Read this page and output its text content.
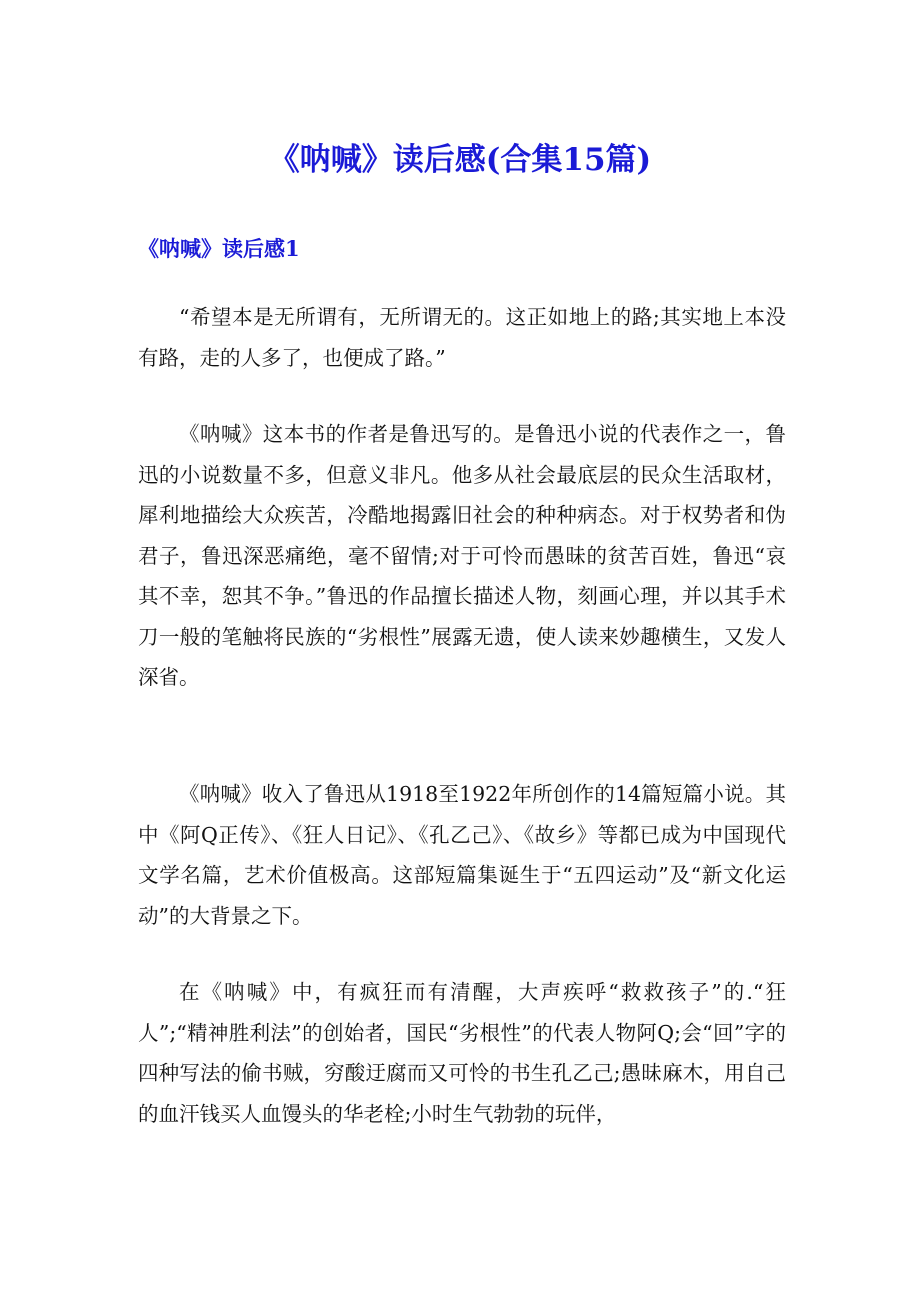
《呐喊》读后感(合集15篇)
《呐喊》读后感1

“希望本是无所谓有，无所谓无的。这正如地上的路;其实地上本没有路，走的人多了，也便成了路。”

《呐喊》这本书的作者是鲁迅写的。是鲁迅小说的代表作之一，鲁迅的小说数量不多，但意义非凡。他多从社会最底层的民众生活取材，犀利地描绘大众疾苦，冷酷地揭露旧社会的种种病态。对于权势者和伪君子，鲁迅深恶痛绝，毫不留情;对于可怜而愚昧的贫苦百姓，鲁迅“哀其不幸，恕其不争。”鲁迅的作品擅长描述人物，刻画心理，并以其手术刀一般的笔触将民族的“劣根性”展露无遗，使人读来妙趣横生，又发人深省。

《呐喊》收入了鲁迅从1918至1922年所创作的14篇短篇小说。其中《阿Q正传》、《狂人日记》、《孔乙己》、《故乡》等都已成为中国现代文学名篇，艺术价值极高。这部短篇集诞生于“五四运动”及“新文化运动”的大背景之下。

在《呐喊》中，有疯狂而有清醒，大声疾呼“救救孩子”的.“狂人”;“精神胜利法”的创始者，国民“劣根性”的代表人物阿Q;会“回”字的四种写法的偷书贼，穷酸迂腐而又可怜的书生孔乙己;愚昧麻木，用自己的血汗钱买人血馒头的华老栓;小时生气勃勃的玩伴，
